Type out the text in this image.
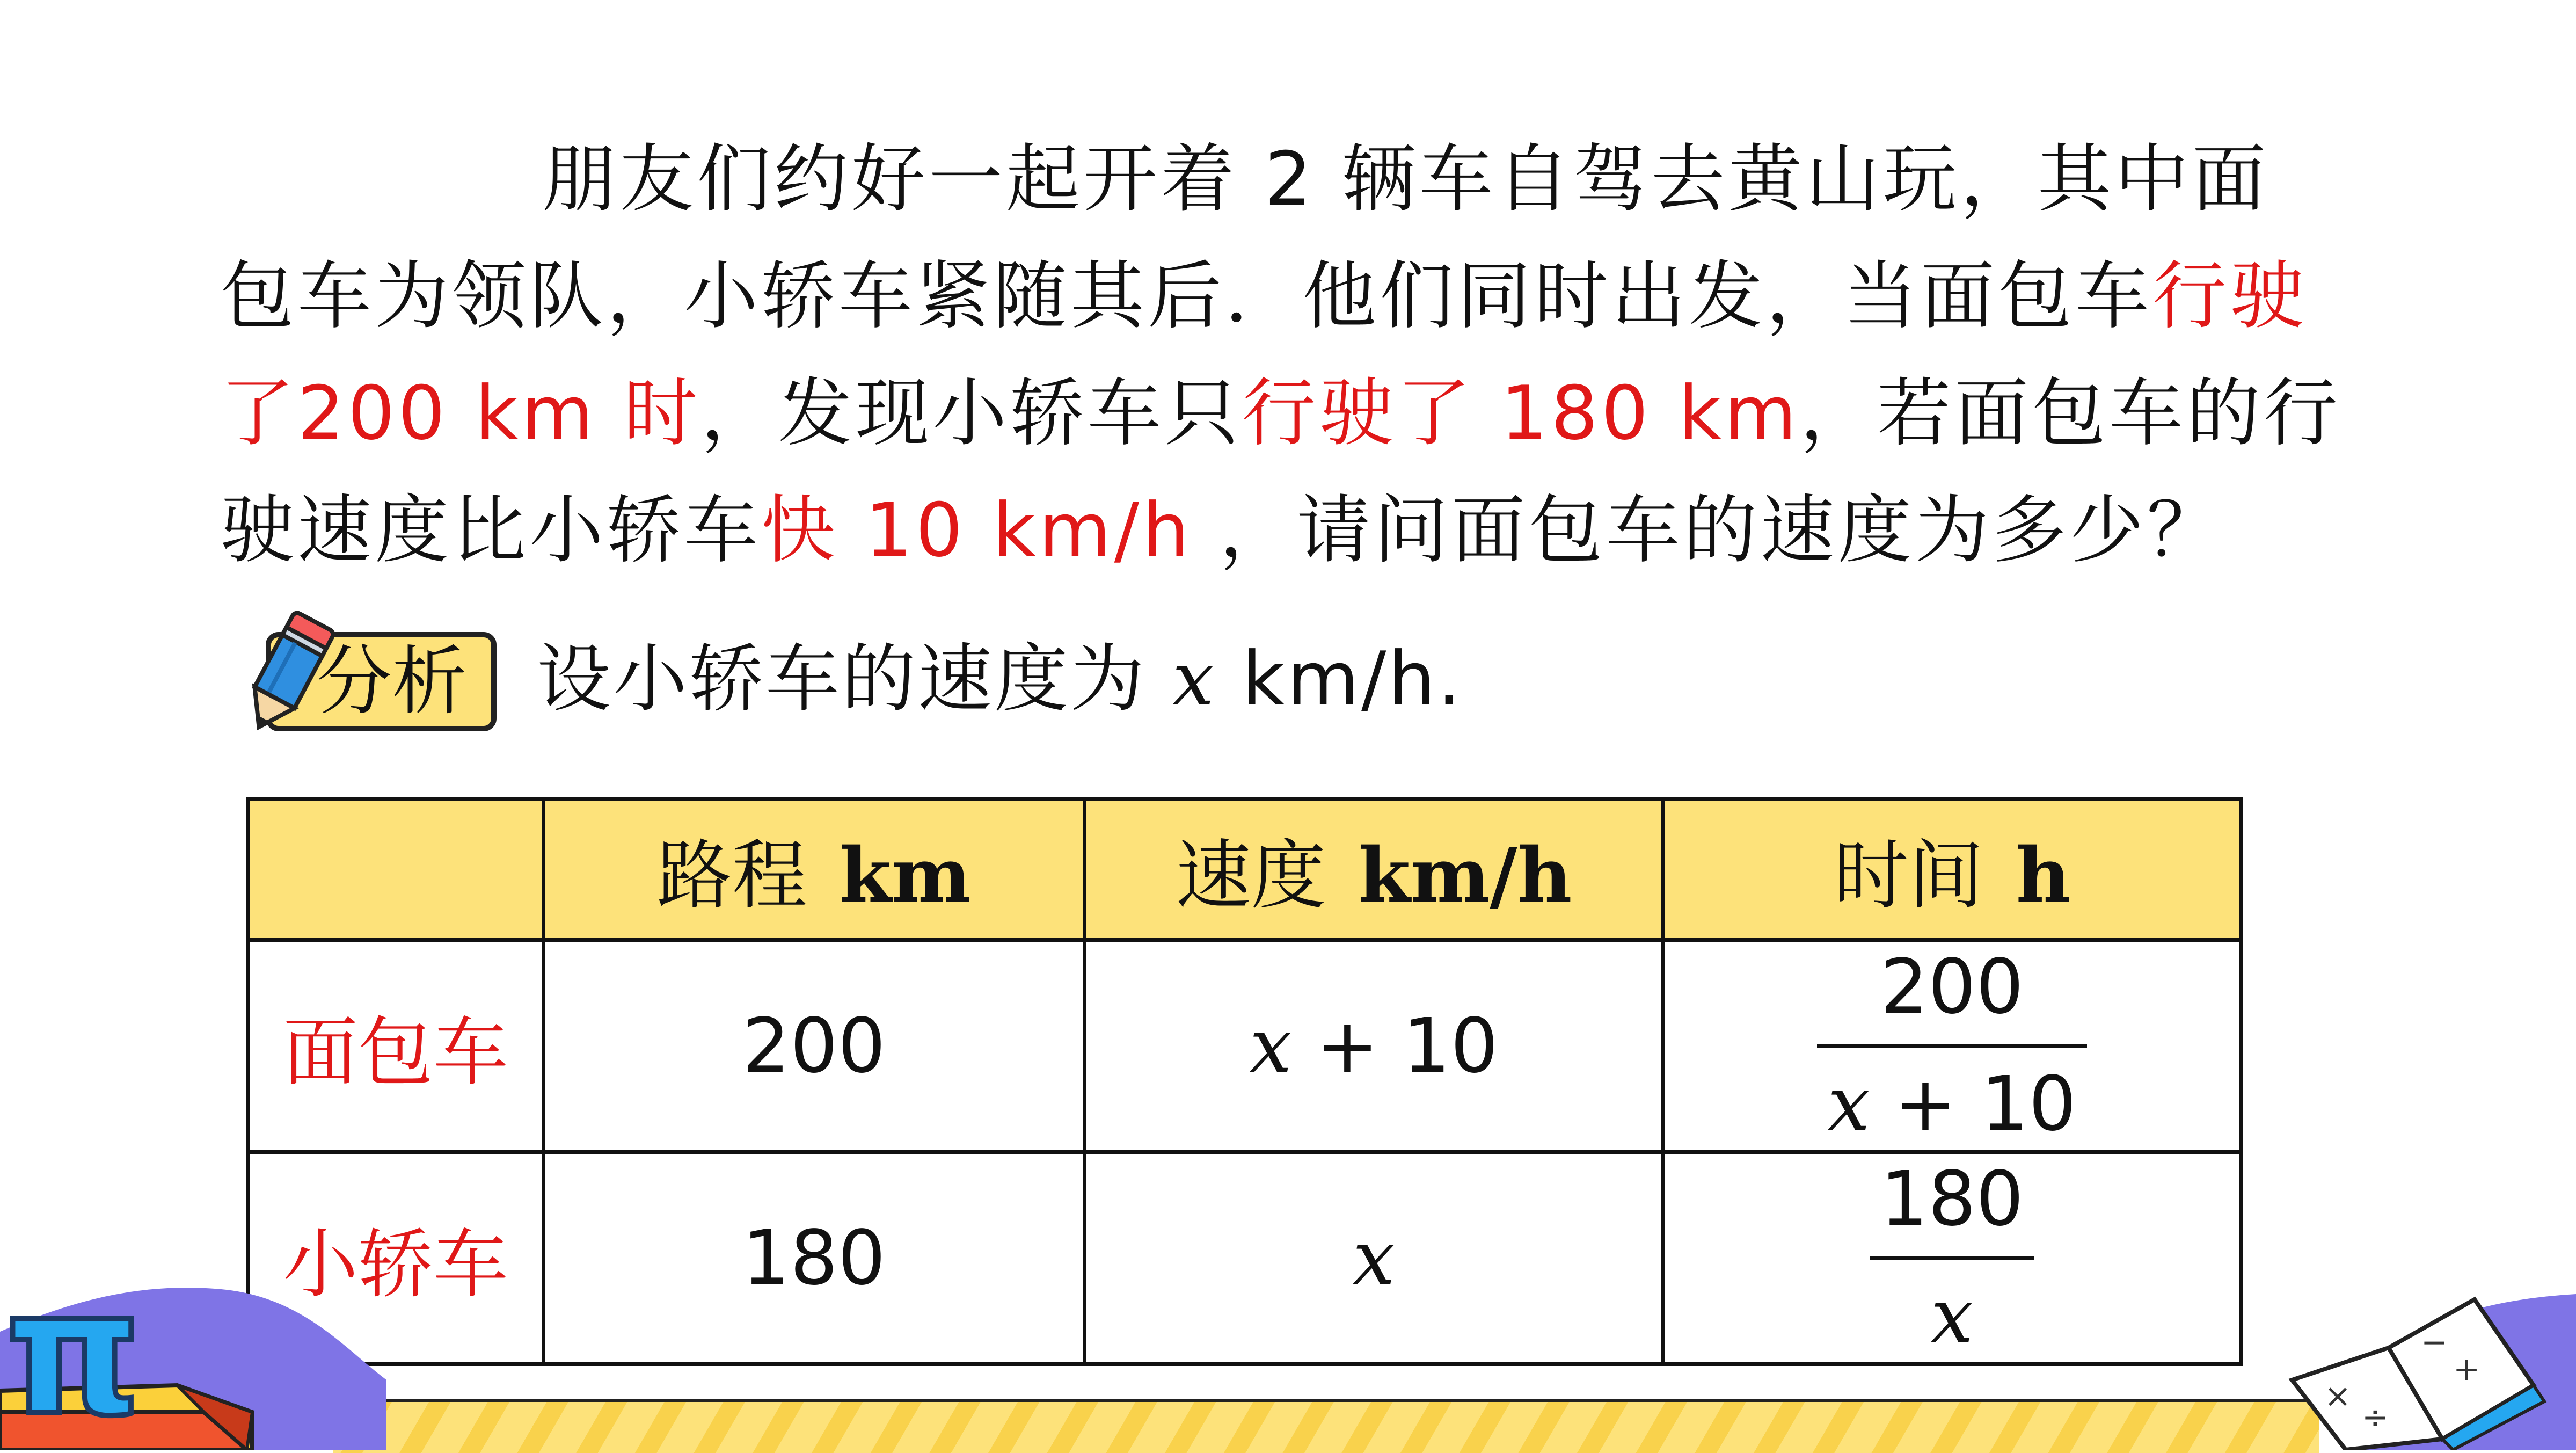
朋友们约好一起开着 2 辆车自驾去黄山玩，其中面包车为领队，小轿车紧随其后．他们同时出发，当面包车行驶了200 km 时，发现小轿车只行驶了 180 km，若面包车的行驶速度比小轿车快 10 km/h ，请问面包车的速度为多少？
分析 设小轿车的速度为 x km/h.
	路程 km	速度 km/h	时间 h
面包车	200	x + 10	200
x + 10

小轿车	180	x	180
x
π	×
÷
−
+
